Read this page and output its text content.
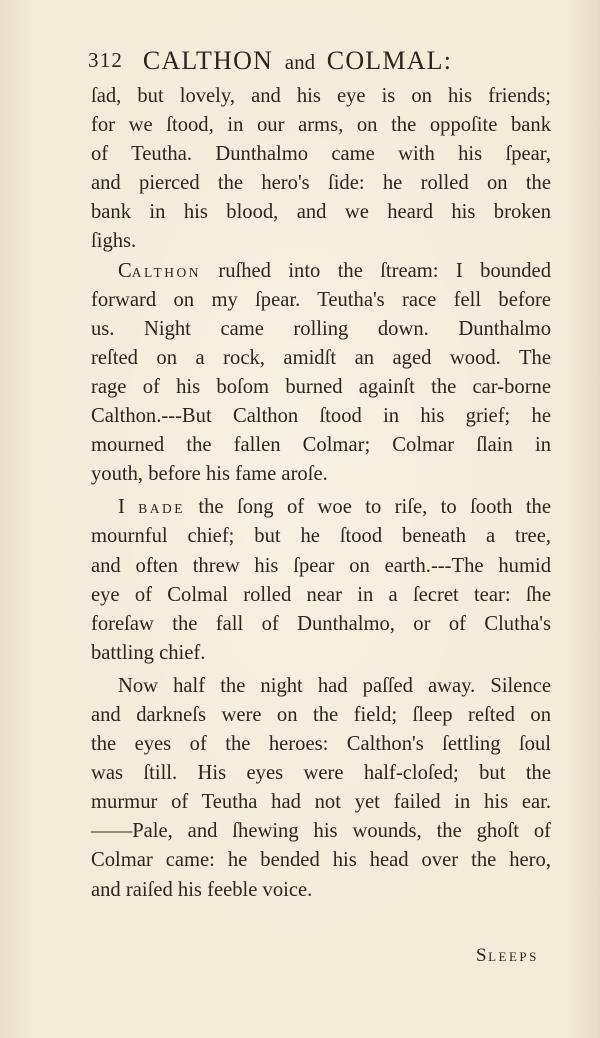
312 CALTHON and COLMAL:
ſad, but lovely, and his eye is on his friends;
for we ſtood, in our arms, on the oppoſite bank
of Teutha. Dunthalmo came with his ſpear,
and pierced the hero's ſide: he rolled on the
bank in his blood, and we heard his broken
ſighs.
CALTHON ruſhed into the ſtream: I bounded
forward on my ſpear. Teutha's race fell before
us. Night came rolling down. Dunthalmo
reſted on a rock, amidſt an aged wood. The
rage of his boſom burned againſt the car-borne
Calthon.---But Calthon ſtood in his grief; he
mourned the fallen Colmar; Colmar ſlain in
youth, before his fame aroſe.
I BADE the ſong of woe to riſe, to ſooth the
mournful chief; but he ſtood beneath a tree,
and often threw his ſpear on earth.---The humid
eye of Colmal rolled near in a ſecret tear: ſhe
foreſaw the fall of Dunthalmo, or of Clutha's
battling chief.
Now half the night had paſſed away. Silence
and darkneſs were on the field; ſleep reſted on
the eyes of the heroes: Calthon's ſettling ſoul
was ſtill. His eyes were half-cloſed; but the
murmur of Teutha had not yet failed in his ear.
——Pale, and ſhewing his wounds, the ghoſt of
Colmar came: he bended his head over the hero,
and raiſed his feeble voice.
SLEEPS
